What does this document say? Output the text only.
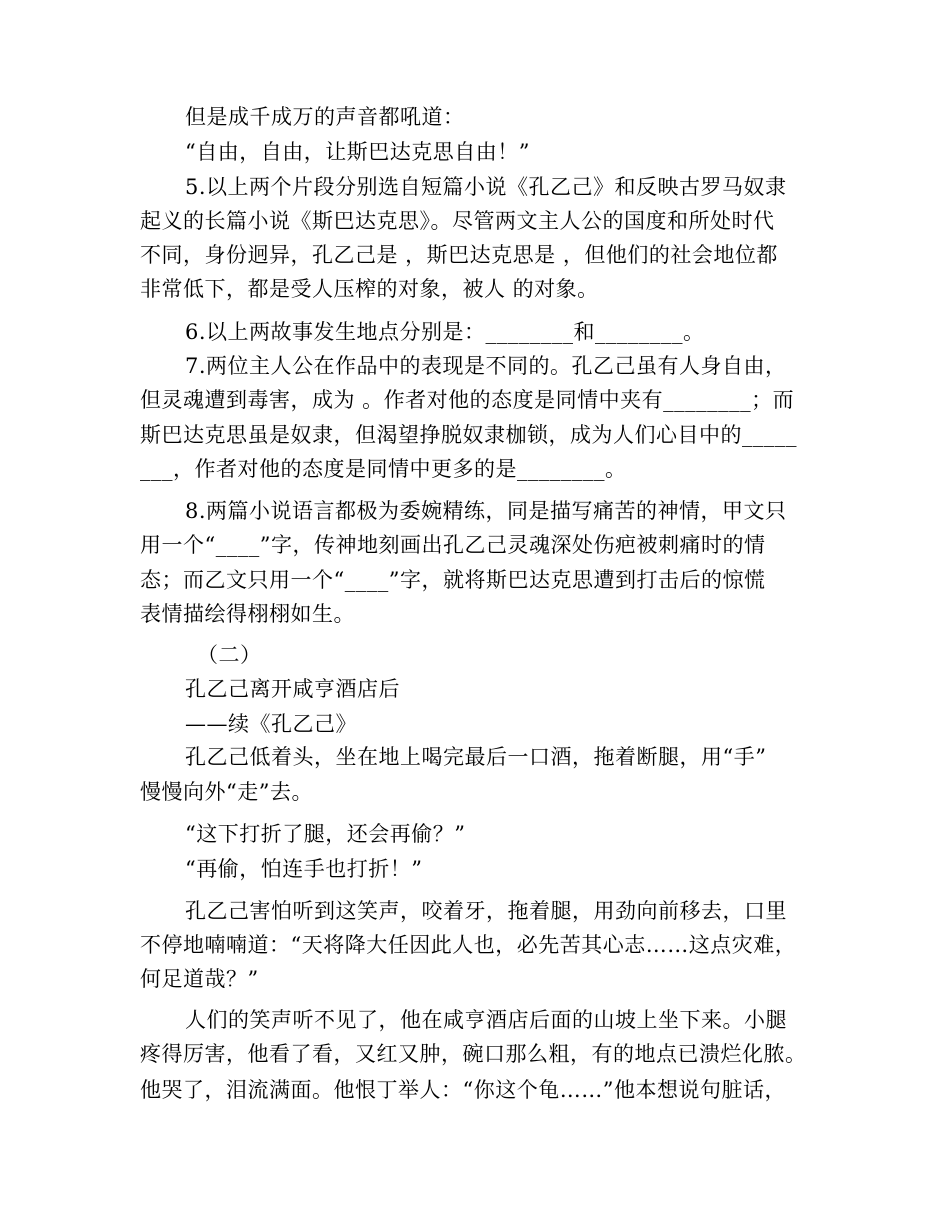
但是成千成万的声音都吼道：
“自由，自由，让斯巴达克思自由！”
5.以上两个片段分别选自短篇小说《孔乙己》和反映古罗马奴隶
起义的长篇小说《斯巴达克思》。尽管两文主人公的国度和所处时代
不同，身份迥异，孔乙己是 ，斯巴达克思是 ，但他们的社会地位都
非常低下，都是受人压榨的对象，被人 的对象。
6.以上两故事发生地点分别是：________和________。
7.两位主人公在作品中的表现是不同的。孔乙己虽有人身自由，
但灵魂遭到毒害，成为 。作者对他的态度是同情中夹有________；而
斯巴达克思虽是奴隶，但渴望挣脱奴隶枷锁，成为人们心目中的_____
___，作者对他的态度是同情中更多的是________。
8.两篇小说语言都极为委婉精练，同是描写痛苦的神情，甲文只
用一个“____”字，传神地刻画出孔乙己灵魂深处伤疤被刺痛时的情
态；而乙文只用一个“____”字，就将斯巴达克思遭到打击后的惊慌
表情描绘得栩栩如生。
（二）
孔乙己离开咸亨酒店后
——续《孔乙己》
孔乙己低着头，坐在地上喝完最后一口酒，拖着断腿，用“手”
慢慢向外“走”去。
“这下打折了腿，还会再偷？”
“再偷，怕连手也打折！”
孔乙己害怕听到这笑声，咬着牙，拖着腿，用劲向前移去，口里
不停地喃喃道：“天将降大任因此人也，必先苦其心志……这点灾难，
何足道哉？”
人们的笑声听不见了，他在咸亨酒店后面的山坡上坐下来。小腿
疼得厉害，他看了看，又红又肿，碗口那么粗，有的地点已溃烂化脓。
他哭了，泪流满面。他恨丁举人：“你这个龟……”他本想说句脏话，
